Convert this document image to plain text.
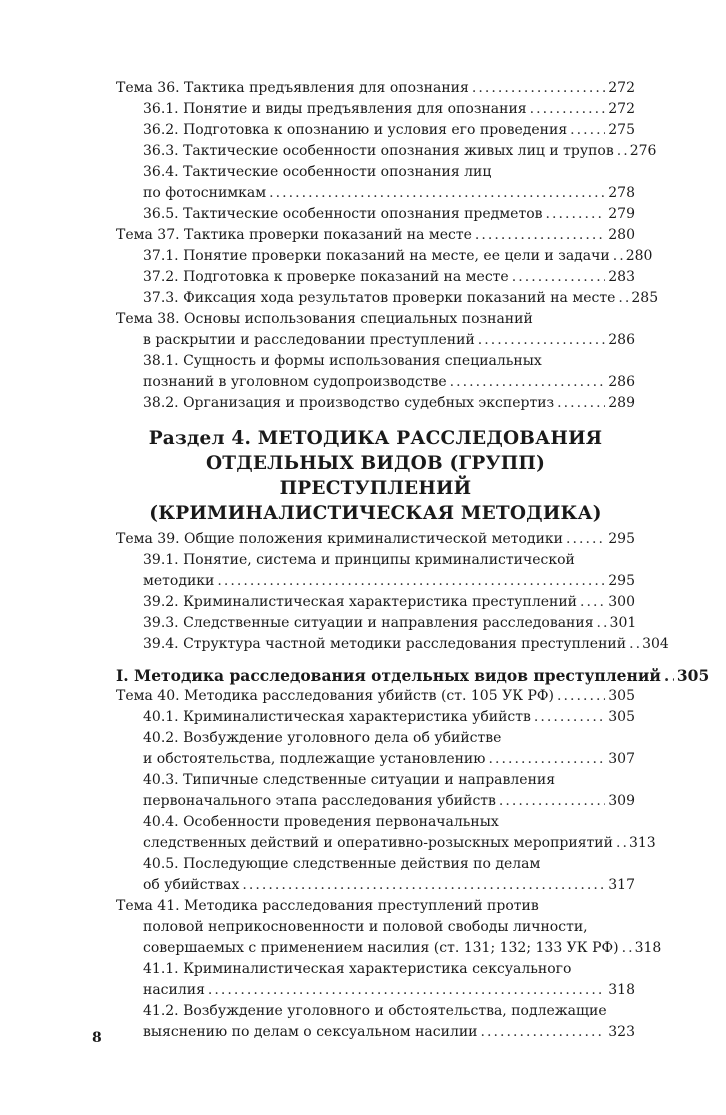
Тема 36. Тактика предъявления для опознания . . .	272
36.1. Понятие и виды предъявления для опознания . . .	272
36.2. Подготовка к опознанию и условия его проведения . . .	275
36.3. Тактические особенности опознания живых лиц и трупов . . . 276
36.4. Тактические особенности опознания лиц
по фотоснимкам . . .	278
36.5. Тактические особенности опознания предметов . . .	279
Тема 37. Тактика проверки показаний на месте . . .	280
37.1. Понятие проверки показаний на месте, ее цели и задачи . . . 280
37.2. Подготовка к проверке показаний на месте . . .	283
37.3. Фиксация хода результатов проверки показаний на месте . . . 285
Тема 38. Основы использования специальных познаний
в раскрытии и расследовании преступлений . . .	286
38.1. Сущность и формы использования специальных
познаний в уголовном судопроизводстве . . .	286
38.2. Организация и производство судебных экспертиз . . .	289
Раздел 4. МЕТОДИКА РАССЛЕДОВАНИЯ
ОТДЕЛЬНЫХ ВИДОВ (ГРУПП) ПРЕСТУПЛЕНИЙ
(КРИМИНАЛИСТИЧЕСКАЯ МЕТОДИКА)
Тема 39. Общие положения криминалистической методики . . .	295
39.1. Понятие, система и принципы криминалистической
методики . . .	295
39.2. Криминалистическая характеристика преступлений . . . 300
39.3. Следственные ситуации и направления расследования . . . 301
39.4. Структура частной методики расследования преступлений . . . 304
I. Методика расследования отдельных видов преступлений . . . 305
Тема 40. Методика расследования убийств (ст. 105 УК РФ) . . .	305
40.1. Криминалистическая характеристика убийств . . .	305
40.2. Возбуждение уголовного дела об убийстве
и обстоятельства, подлежащие установлению . . .	307
40.3. Типичные следственные ситуации и направления
первоначального этапа расследования убийств . . .	309
40.4. Особенности проведения первоначальных
следственных действий и оперативно-розыскных мероприятий . . . 313
40.5. Последующие следственные действия по делам
об убийствах . . .	317
Тема 41. Методика расследования преступлений против
половой неприкосновенности и половой свободы личности,
совершаемых с применением насилия (ст. 131; 132; 133 УК РФ) . . . 318
41.1. Криминалистическая характеристика сексуального
насилия . . .	318
41.2. Возбуждение уголовного и обстоятельства, подлежащие
выяснению по делам о сексуальном насилии . . .	323
8
